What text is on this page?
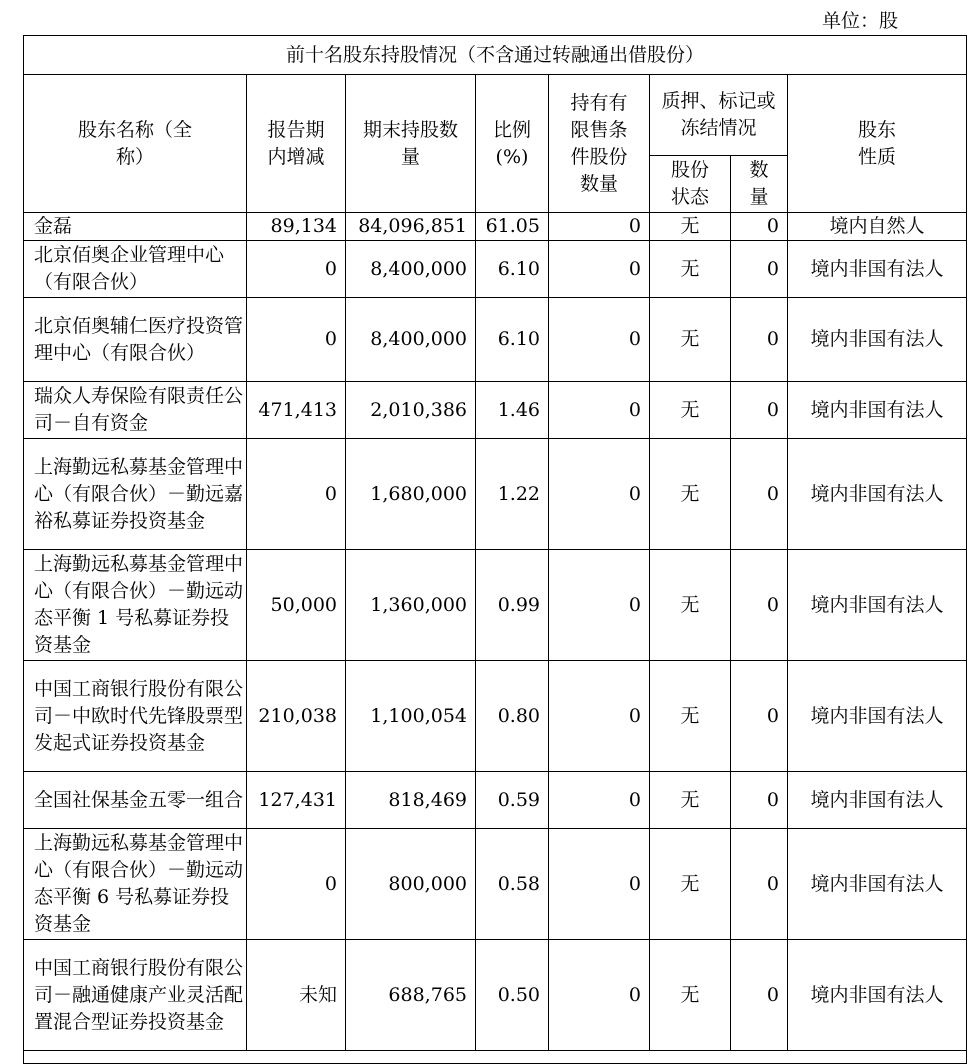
单位：股
前十名股东持股情况（不含通过转融通出借股份）							
股东名称（全称）	报告期内增减	期末持股数量	比例(%)	持有有限售条件股份数量	质押、标记或冻结情况		股东性质
					股份状态	数量	
金磊	89,134	84,096,851	61.05	0	无	0	境内自然人
北京佰奥企业管理中心（有限合伙）	0	8,400,000	6.10	0	无	0	境内非国有法人
北京佰奥辅仁医疗投资管理中心（有限合伙）	0	8,400,000	6.10	0	无	0	境内非国有法人
瑞众人寿保险有限责任公司－自有资金	471,413	2,010,386	1.46	0	无	0	境内非国有法人
上海勤远私募基金管理中心（有限合伙）－勤远嘉裕私募证券投资基金	0	1,680,000	1.22	0	无	0	境内非国有法人
上海勤远私募基金管理中心（有限合伙）－勤远动态平衡 1 号私募证券投资基金	50,000	1,360,000	0.99	0	无	0	境内非国有法人
中国工商银行股份有限公司－中欧时代先锋股票型发起式证券投资基金	210,038	1,100,054	0.80	0	无	0	境内非国有法人
全国社保基金五零一组合	127,431	818,469	0.59	0	无	0	境内非国有法人
上海勤远私募基金管理中心（有限合伙）－勤远动态平衡 6 号私募证券投资基金	0	800,000	0.58	0	无	0	境内非国有法人
中国工商银行股份有限公司－融通健康产业灵活配置混合型证券投资基金	未知	688,765	0.50	0	无	0	境内非国有法人
